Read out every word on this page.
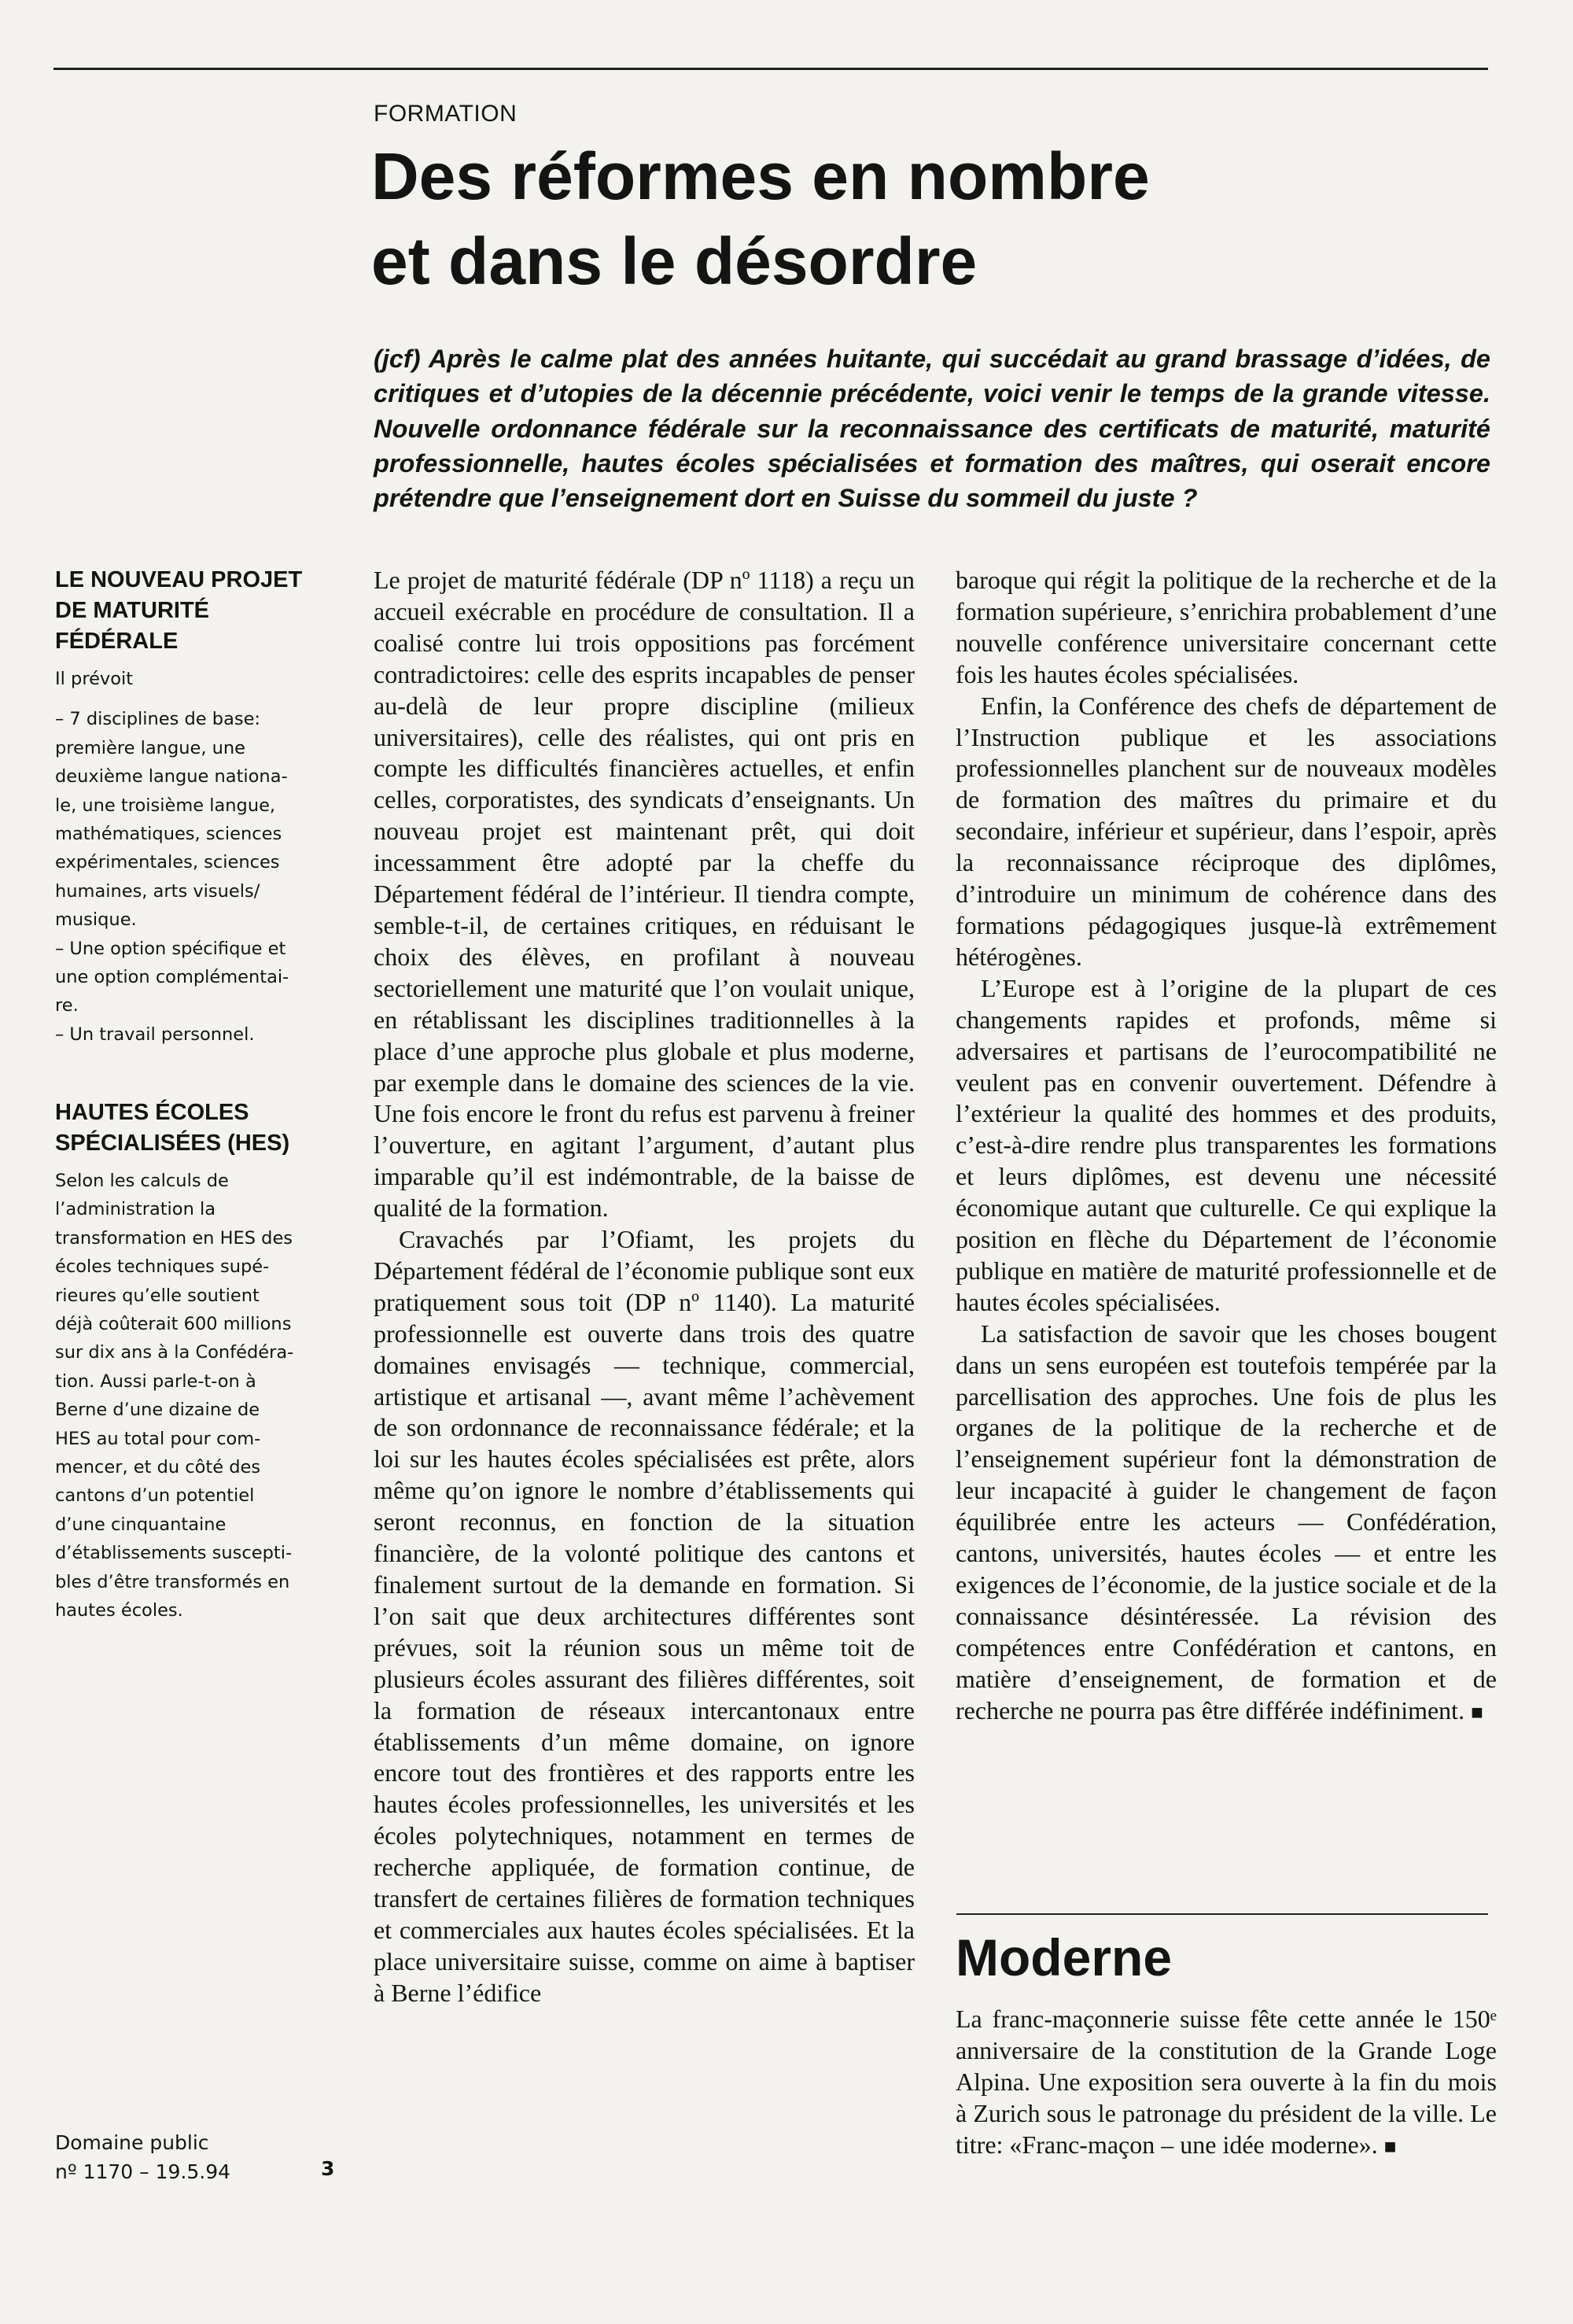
FORMATION
Des réformes en nombre
et dans le désordre

(jcf) Après le calme plat des années huitante, qui succédait au grand brassage d’idées, de critiques et d’utopies de la décennie précédente, voici venir le temps de la grande vitesse. Nouvelle ordonnance fédérale sur la reconnaissance des certificats de maturité, maturité professionnelle, hautes écoles spécialisées et formation des maîtres, qui oserait encore prétendre que l’enseignement dort en Suisse du sommeil du juste ?

LE NOUVEAU PROJET
DE MATURITÉ
FÉDÉRALE

Il prévoit

– 7 disciplines de base:

première langue, une

deuxième langue nationa-

le, une troisième langue,

mathématiques, sciences

expérimentales, sciences

humaines, arts visuels/

musique.

– Une option spécifique et

une option complémentai-

re.

– Un travail personnel.

HAUTES ÉCOLES
SPÉCIALISÉES (HES)

Selon les calculs de

l’administration la

transformation en HES des

écoles techniques supé-

rieures qu’elle soutient

déjà coûterait 600 millions

sur dix ans à la Confédéra-

tion. Aussi parle-t-on à

Berne d’une dizaine de

HES au total pour com-

mencer, et du côté des

cantons d’un potentiel

d’une cinquantaine

d’établissements suscepti-

bles d’être transformés en

hautes écoles.

Le projet de maturité fédérale (DP nº 1118) a reçu un accueil exécrable en procédure de consultation. Il a coalisé contre lui trois oppositions pas forcément contradictoires: celle des esprits incapables de penser au-delà de leur propre discipline (milieux universitaires), celle des réalistes, qui ont pris en compte les difficultés financières actuelles, et enfin celles, corporatistes, des syndicats d’enseignants. Un nouveau projet est maintenant prêt, qui doit incessamment être adopté par la cheffe du Département fédéral de l’intérieur. Il tiendra compte, semble-t-il, de certaines critiques, en réduisant le choix des élèves, en profilant à nouveau sectoriellement une maturité que l’on voulait unique, en rétablissant les disciplines traditionnelles à la place d’une approche plus globale et plus moderne, par exemple dans le domaine des sciences de la vie. Une fois encore le front du refus est parvenu à freiner l’ouverture, en agitant l’argument, d’autant plus imparable qu’il est indémontrable, de la baisse de qualité de la formation.

Cravachés par l’Ofiamt, les projets du Département fédéral de l’économie publique sont eux pratiquement sous toit (DP nº 1140). La maturité professionnelle est ouverte dans trois des quatre domaines envisagés — technique, commercial, artistique et artisanal —, avant même l’achèvement de son ordonnance de reconnaissance fédérale; et la loi sur les hautes écoles spécialisées est prête, alors même qu’on ignore le nombre d’établissements qui seront reconnus, en fonction de la situation financière, de la volonté politique des cantons et finalement surtout de la demande en formation. Si l’on sait que deux architectures différentes sont prévues, soit la réunion sous un même toit de plusieurs écoles assurant des filières différentes, soit la formation de réseaux intercantonaux entre établissements d’un même domaine, on ignore encore tout des frontières et des rapports entre les hautes écoles professionnelles, les universités et les écoles polytechniques, notamment en termes de recherche appliquée, de formation continue, de transfert de certaines filières de formation techniques et commerciales aux hautes écoles spécialisées. Et la place universitaire suisse, comme on aime à baptiser à Berne l’édifice

baroque qui régit la politique de la recherche et de la formation supérieure, s’enrichira probablement d’une nouvelle conférence universitaire concernant cette fois les hautes écoles spécialisées.

Enfin, la Conférence des chefs de département de l’Instruction publique et les associations professionnelles planchent sur de nouveaux modèles de formation des maîtres du primaire et du secondaire, inférieur et supérieur, dans l’espoir, après la reconnaissance réciproque des diplômes, d’introduire un minimum de cohérence dans des formations pédagogiques jusque-là extrêmement hétérogènes.

L’Europe est à l’origine de la plupart de ces changements rapides et profonds, même si adversaires et partisans de l’eurocompatibilité ne veulent pas en convenir ouvertement. Défendre à l’extérieur la qualité des hommes et des produits, c’est-à-dire rendre plus transparentes les formations et leurs diplômes, est devenu une nécessité économique autant que culturelle. Ce qui explique la position en flèche du Département de l’économie publique en matière de maturité professionnelle et de hautes écoles spécialisées.

La satisfaction de savoir que les choses bougent dans un sens européen est toutefois tempérée par la parcellisation des approches. Une fois de plus les organes de la politique de la recherche et de l’enseignement supérieur font la démonstration de leur incapacité à guider le changement de façon équilibrée entre les acteurs — Confédération, cantons, universités, hautes écoles — et entre les exigences de l’économie, de la justice sociale et de la connaissance désintéressée. La révision des compétences entre Confédération et cantons, en matière d’enseignement, de formation et de recherche ne pourra pas être différée indéfiniment. ■

Moderne

La franc-maçonnerie suisse fête cette année le 150ᵉ anniversaire de la constitution de la Grande Loge Alpina. Une exposition sera ouverte à la fin du mois à Zurich sous le patronage du président de la ville. Le titre: «Franc-maçon – une idée moderne». ■

Domaine public
nº 1170 – 19.5.94	3
